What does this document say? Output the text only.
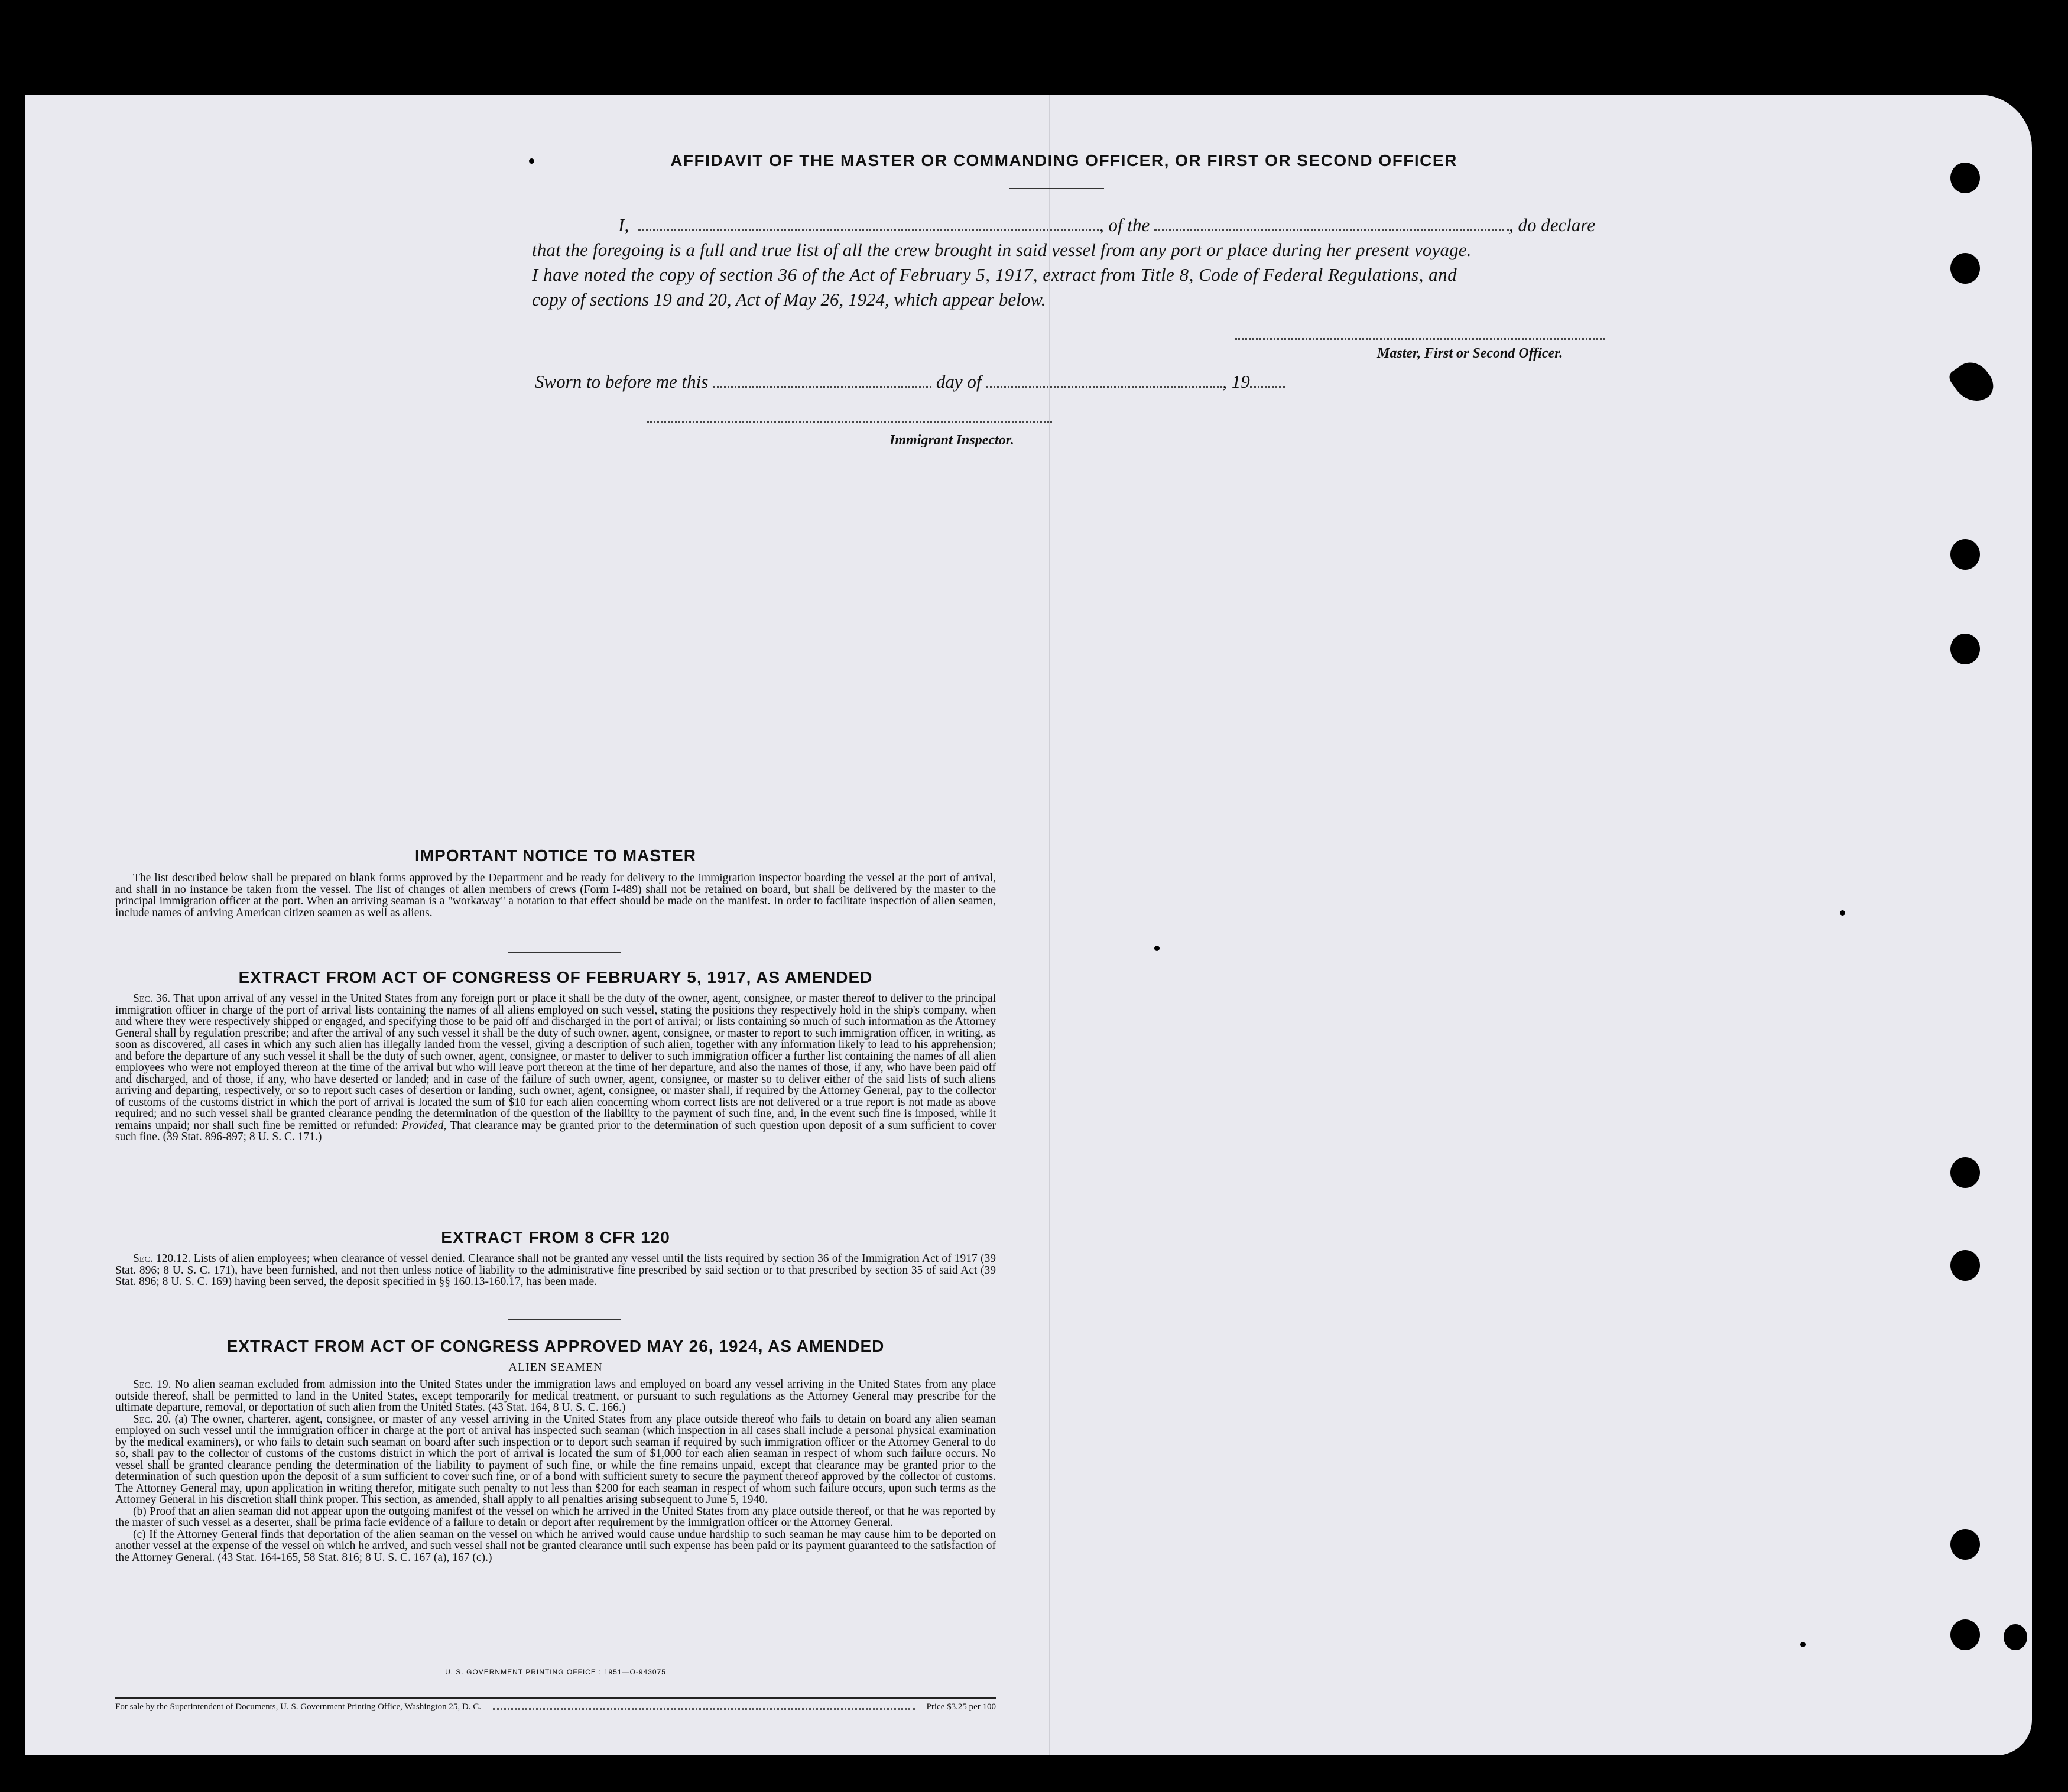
AFFIDAVIT OF THE MASTER OR COMMANDING OFFICER, OR FIRST OR SECOND OFFICER
I,	, of the	, do declare
that the foregoing is a full and true list of all the crew brought in said vessel from any port or place during her present voyage.
I have noted the copy of section 36 of the Act of February 5, 1917, extract from Title 8, Code of Federal Regulations, and
copy of sections 19 and 20, Act of May 26, 1924, which appear below.
Master, First or Second Officer.
Sworn to before me this	day of	, 19
Immigrant Inspector.
IMPORTANT NOTICE TO MASTER
The list described below shall be prepared on blank forms approved by the Department and be ready for delivery to the immigration inspector boarding the vessel at the port of arrival, and shall in no instance be taken from the vessel. The list of changes of alien members of crews (Form I-489) shall not be retained on board, but shall be delivered by the master to the principal immigration officer at the port. When an arriving seaman is a "workaway" a notation to that effect should be made on the manifest. In order to facilitate inspection of alien seamen, include names of arriving American citizen seamen as well as aliens.
EXTRACT FROM ACT OF CONGRESS OF FEBRUARY 5, 1917, AS AMENDED
Sec. 36. That upon arrival of any vessel in the United States from any foreign port or place it shall be the duty of the owner, agent, consignee, or master thereof to deliver to the principal immigration officer in charge of the port of arrival lists containing the names of all aliens employed on such vessel, stating the positions they respectively hold in the ship's company, when and where they were respectively shipped or engaged, and specifying those to be paid off and discharged in the port of arrival; or lists containing so much of such information as the Attorney General shall by regulation prescribe; and after the arrival of any such vessel it shall be the duty of such owner, agent, consignee, or master to report to such immigration officer, in writing, as soon as discovered, all cases in which any such alien has illegally landed from the vessel, giving a description of such alien, together with any information likely to lead to his apprehension; and before the departure of any such vessel it shall be the duty of such owner, agent, consignee, or master to deliver to such immigration officer a further list containing the names of all alien employees who were not employed thereon at the time of the arrival but who will leave port thereon at the time of her departure, and also the names of those, if any, who have been paid off and discharged, and of those, if any, who have deserted or landed; and in case of the failure of such owner, agent, consignee, or master so to deliver either of the said lists of such aliens arriving and departing, respectively, or so to report such cases of desertion or landing, such owner, agent, consignee, or master shall, if required by the Attorney General, pay to the collector of customs of the customs district in which the port of arrival is located the sum of $10 for each alien concerning whom correct lists are not delivered or a true report is not made as above required; and no such vessel shall be granted clearance pending the determination of the question of the liability to the payment of such fine, and, in the event such fine is imposed, while it remains unpaid; nor shall such fine be remitted or refunded: Provided, That clearance may be granted prior to the determination of such question upon deposit of a sum sufficient to cover such fine. (39 Stat. 896-897; 8 U. S. C. 171.)
EXTRACT FROM 8 CFR 120
Sec. 120.12. Lists of alien employees; when clearance of vessel denied. Clearance shall not be granted any vessel until the lists required by section 36 of the Immigration Act of 1917 (39 Stat. 896; 8 U. S. C. 171), have been furnished, and not then unless notice of liability to the administrative fine prescribed by said section or to that prescribed by section 35 of said Act (39 Stat. 896; 8 U. S. C. 169) having been served, the deposit specified in §§ 160.13-160.17, has been made.
EXTRACT FROM ACT OF CONGRESS APPROVED MAY 26, 1924, AS AMENDED
ALIEN SEAMEN
Sec. 19. No alien seaman excluded from admission into the United States under the immigration laws and employed on board any vessel arriving in the United States from any place outside thereof, shall be permitted to land in the United States, except temporarily for medical treatment, or pursuant to such regulations as the Attorney General may prescribe for the ultimate departure, removal, or deportation of such alien from the United States. (43 Stat. 164, 8 U. S. C. 166.)
Sec. 20. (a) The owner, charterer, agent, consignee, or master of any vessel arriving in the United States from any place outside thereof who fails to detain on board any alien seaman employed on such vessel until the immigration officer in charge at the port of arrival has inspected such seaman (which inspection in all cases shall include a personal physical examination by the medical examiners), or who fails to detain such seaman on board after such inspection or to deport such seaman if required by such immigration officer or the Attorney General to do so, shall pay to the collector of customs of the customs district in which the port of arrival is located the sum of $1,000 for each alien seaman in respect of whom such failure occurs. No vessel shall be granted clearance pending the determination of the liability to payment of such fine, or while the fine remains unpaid, except that clearance may be granted prior to the determination of such question upon the deposit of a sum sufficient to cover such fine, or of a bond with sufficient surety to secure the payment thereof approved by the collector of customs. The Attorney General may, upon application in writing therefor, mitigate such penalty to not less than $200 for each seaman in respect of whom such failure occurs, upon such terms as the Attorney General in his discretion shall think proper. This section, as amended, shall apply to all penalties arising subsequent to June 5, 1940.
(b) Proof that an alien seaman did not appear upon the outgoing manifest of the vessel on which he arrived in the United States from any place outside thereof, or that he was reported by the master of such vessel as a deserter, shall be prima facie evidence of a failure to detain or deport after requirement by the immigration officer or the Attorney General.
(c) If the Attorney General finds that deportation of the alien seaman on the vessel on which he arrived would cause undue hardship to such seaman he may cause him to be deported on another vessel at the expense of the vessel on which he arrived, and such vessel shall not be granted clearance until such expense has been paid or its payment guaranteed to the satisfaction of the Attorney General. (43 Stat. 164-165, 58 Stat. 816; 8 U. S. C. 167 (a), 167 (c).)
U. S. GOVERNMENT PRINTING OFFICE : 1951—O-943075
For sale by the Superintendent of Documents, U. S. Government Printing Office, Washington 25, D. C.	Price $3.25 per 100
